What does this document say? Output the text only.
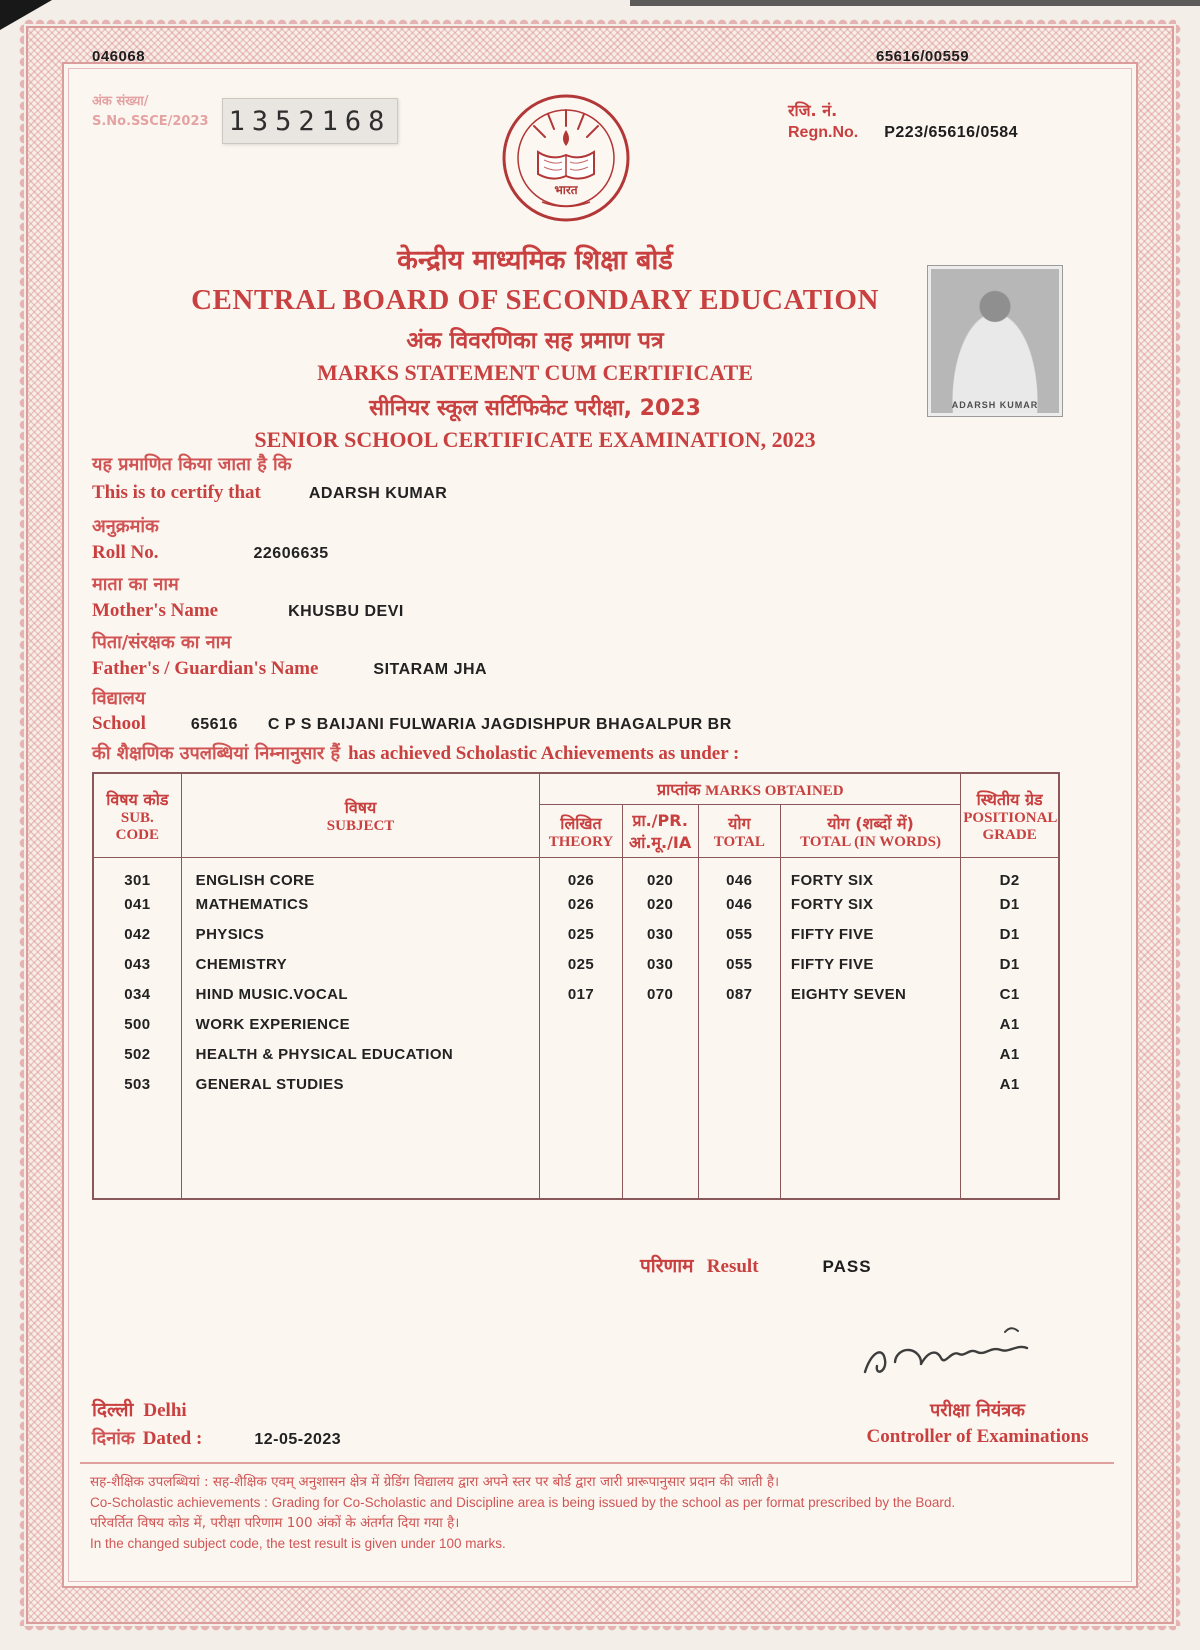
046068	65616/00559
अंक संख्या/
S.No.SSCE/2023 1352168
भारत
रजि. नं.
Regn.No. P223/65616/0584
केन्द्रीय माध्यमिक शिक्षा बोर्ड
CENTRAL BOARD OF SECONDARY EDUCATION
अंक विवरणिका सह प्रमाण पत्र
MARKS STATEMENT CUM CERTIFICATE
सीनियर स्कूल सर्टिफिकेट परीक्षा, 2023
SENIOR SCHOOL CERTIFICATE EXAMINATION, 2023
ADARSH KUMAR
यह प्रमाणित किया जाता है कि
This is to certify that	ADARSH KUMAR
अनुक्रमांक
Roll No.	22606635
माता का नाम
Mother's Name	KHUSBU DEVI
पिता/संरक्षक का नाम
Father's / Guardian's Name	SITARAM JHA
विद्यालय
School	65616 C P S BAIJANI FULWARIA JAGDISHPUR BHAGALPUR BR
की शैक्षणिक उपलब्धियां निम्नानुसार हैं has achieved Scholastic Achievements as under :
विषय कोड
SUB.
CODE	विषय
SUBJECT	प्राप्तांक MARKS OBTAINED				स्थितीय ग्रेड
POSITIONAL
GRADE

		लिखित
THEORY	प्रा./PR.
आं.मू./IA	योग
TOTAL	योग (शब्दों में)
TOTAL (IN WORDS)	

301	ENGLISH CORE	026	020	046	FORTY SIX	D2
041	MATHEMATICS	026	020	046	FORTY SIX	D1
042	PHYSICS	025	030	055	FIFTY FIVE	D1
043	CHEMISTRY	025	030	055	FIFTY FIVE	D1
034	HIND MUSIC.VOCAL	017	070	087	EIGHTY SEVEN	C1
500	WORK EXPERIENCE					A1
502	HEALTH & PHYSICAL EDUCATION					A1
503	GENERAL STUDIES					A1

परिणाम Result	PASS
दिल्ली Delhi
दिनांक Dated :	12-05-2023
परीक्षा नियंत्रक
Controller of Examinations
सह-शैक्षिक उपलब्धियां : सह-शैक्षिक एवम् अनुशासन क्षेत्र में ग्रेडिंग विद्यालय द्वारा अपने स्तर पर बोर्ड द्वारा जारी प्रारूपानुसार प्रदान की जाती है।
Co-Scholastic achievements : Grading for Co-Scholastic and Discipline area is being issued by the school as per format prescribed by the Board.
परिवर्तित विषय कोड में, परीक्षा परिणाम 100 अंकों के अंतर्गत दिया गया है।
In the changed subject code, the test result is given under 100 marks.
